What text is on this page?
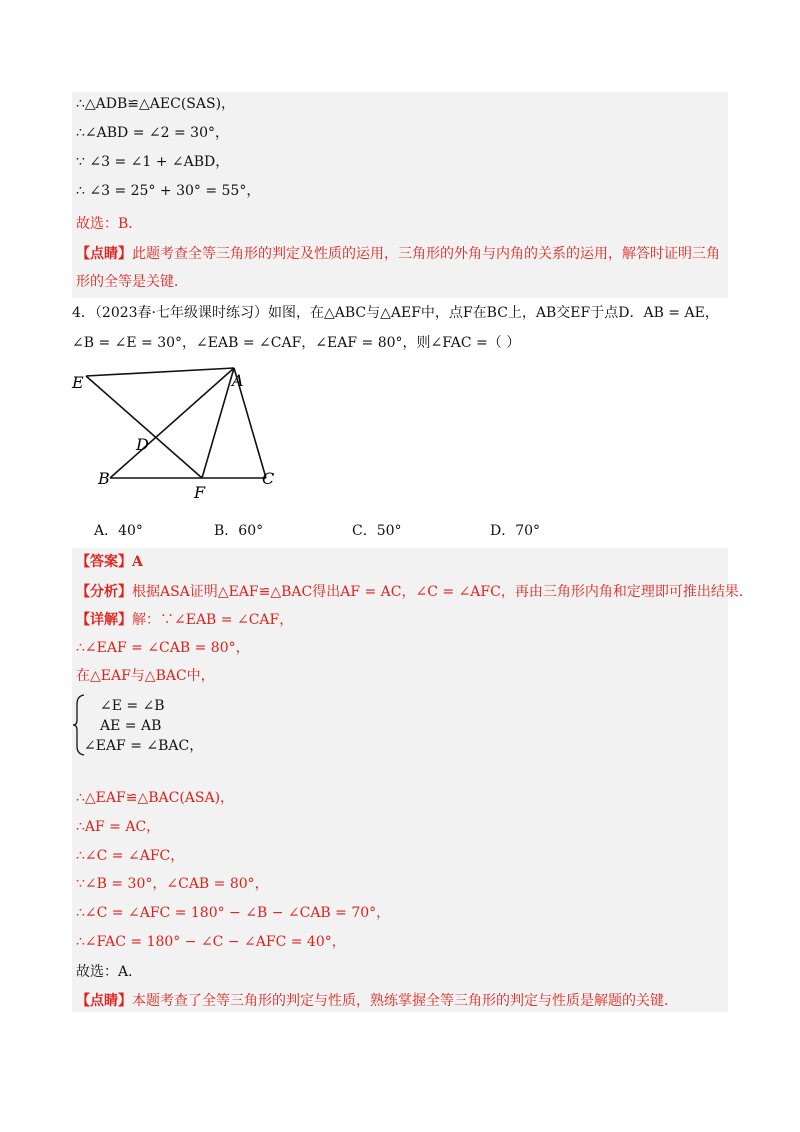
∴△ADB≌△AEC(SAS)，
∴∠ABD = ∠2 = 30°，
∵ ∠3 = ∠1 + ∠ABD，
∴ ∠3 = 25° + 30° = 55°，
故选：B．
【点睛】此题考查全等三角形的判定及性质的运用，三角形的外角与内角的关系的运用，解答时证明三角
形的全等是关键．
4．（2023春·七年级课时练习）如图，在△ABC与△AEF中，点F在BC上，AB交EF于点D．AB = AE，
∠B = ∠E = 30°，∠EAB = ∠CAF，∠EAF = 80°，则∠FAC =（ ）
E	A
D
B
F
C
A．40°	B．60°	C．50°	D．70°
【答案】A
【分析】根据ASA证明△EAF≌△BAC得出AF = AC，∠C = ∠AFC，再由三角形内角和定理即可推出结果．
【详解】解：∵∠EAB = ∠CAF，
∴∠EAF = ∠CAB = 80°，
在△EAF与△BAC中，
∠E = ∠B
AE = AB
∠EAF = ∠BAC，
∴△EAF≌△BAC(ASA)，
∴AF = AC，
∴∠C = ∠AFC，
∵∠B = 30°，∠CAB = 80°，
∴∠C = ∠AFC = 180° − ∠B − ∠CAB = 70°，
∴∠FAC = 180° − ∠C − ∠AFC = 40°，
故选：A．
【点睛】本题考查了全等三角形的判定与性质，熟练掌握全等三角形的判定与性质是解题的关键．
